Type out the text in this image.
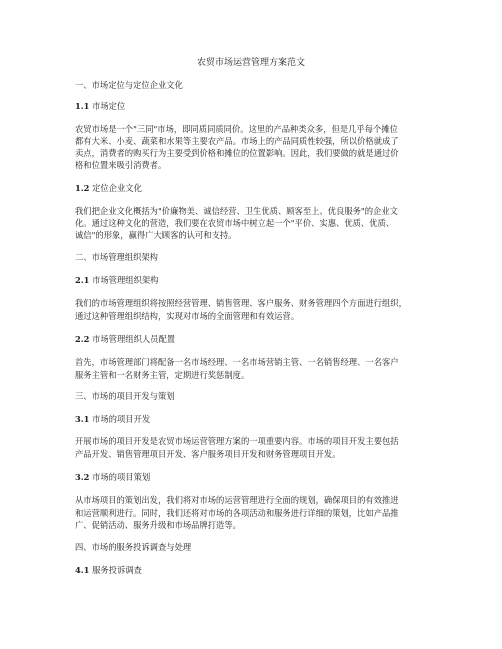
农贸市场运营管理方案范文
一、市场定位与定位企业文化
1.1 市场定位
农贸市场是一个"三同"市场，即同质同质同价。这里的产品种类众多，但是几乎每个摊位
都有大米、小麦、蔬菜和水果等主要农产品。市场上的产品同质性较强，所以价格就成了
卖点，消费者的购买行为主要受到价格和摊位的位置影响。因此，我们要做的就是通过价
格和位置来吸引消费者。
1.2 定位企业文化
我们把企业文化概括为"价廉物美、诚信经营、卫生优质、顾客至上、优良服务"的企业文
化。通过这种文化的营造，我们要在农贸市场中树立起一个"平价、实惠、优质、优质、
诚信"的形象，赢得广大顾客的认可和支持。
二、市场管理组织架构
2.1 市场管理组织架构
我们的市场管理组织将按照经营管理、销售管理、客户服务、财务管理四个方面进行组织，
通过这种管理组织结构，实现对市场的全面管理和有效运营。
2.2 市场管理组织人员配置
首先，市场管理部门将配备一名市场经理、一名市场营销主管、一名销售经理、一名客户
服务主管和一名财务主管，定期进行奖惩制度。
三、市场的项目开发与策划
3.1 市场的项目开发
开展市场的项目开发是农贸市场运营管理方案的一项重要内容。市场的项目开发主要包括
产品开发、销售管理项目开发、客户服务项目开发和财务管理项目开发。
3.2 市场的项目策划
从市场项目的策划出发，我们将对市场的运营管理进行全面的规划，确保项目的有效推进
和运营顺利进行。同时，我们还将对市场的各项活动和服务进行详细的策划，比如产品推
广、促销活动、服务升级和市场品牌打造等。
四、市场的服务投诉调查与处理
4.1 服务投诉调查
